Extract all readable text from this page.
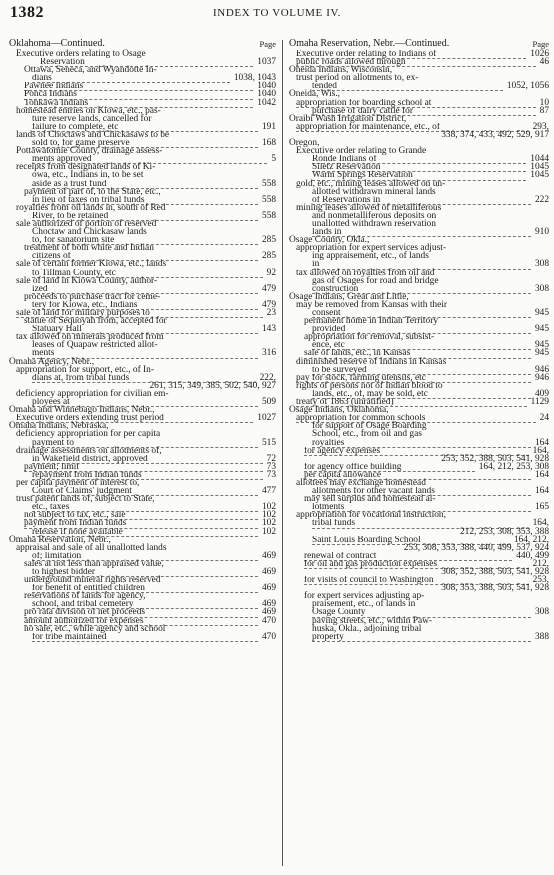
1382	INDEX TO VOLUME IV.
Oklahoma—Continued.	Page
Executive orders relating to Osage
Reservation	1037
Ottawa, Seneca, and Wyandotte In-
dians	1038, 1043
Pawnee Indians	1040
Ponca Indians	1040
Tonkawa Indians	1042
homestead entries on Kiowa, etc., pas-
ture reserve lands, cancelled for
failure to complete, etc	191
lands of Choctaws and Chickasaws to be
sold to, for game preserve	168
Pottawatomie County, drainage assess-
ments approved	5
receipts from designated lands of Ki-
owa, etc., Indians in, to be set
aside as a trust fund	558
payment of part of, to the State, etc.,
in lieu of taxes on tribal funds	558
royalties from oil lands in, south of Red
River, to be retained	558
sale authorized of portion of reserved
Choctaw and Chickasaw lands
to, for sanatorium site	285
treatment of both white and Indian
citizens of	285
sale of certain former Kiowa, etc., lands
to Tillman County, etc	92
sale of land in Kiowa County, author-
ized	479
proceeds to purchase tract for ceme-
tery for Kiowa, etc., Indians	479
sale of land for military purposes to	23
statue of Sequoyah from, accepted for
Statuary Hall	143
tax allowed on minerals produced from
leases of Quapaw restricted allot-
ments	316
Omaha Agency, Nebr.,
appropriation for support, etc., of In-
dians at, from tribal funds	222,
261, 315, 349, 385, 502, 540, 927
deficiency appropriation for civilian em-
ployees at	509
Omaha and Winnebago Indians, Nebr.,
Executive orders extending trust period	1027
Omaha Indians, Nebraska,
deficiency appropriation for per capita
payment to	515
drainage assessments on allotments of,
in Wakefield district, approved	72
payment; limit	73
repayment from Indian funds	73
per capita payment of interest to,
Court of Claims' judgment	477
trust patent lands of, subject to State,
etc., taxes	102
not subject to tax, etc., sale	102
payment from Indian funds	102
release if none available	102
Omaha Reservation, Nebr.,
appraisal and sale of all unallotted lands
of; limitation	469
sales at not less than appraised value,
to highest bidder	469
underground mineral rights reserved
for benefit of entitled children	469
reservations of lands for agency,
school, and tribal cemetery	469
pro rata division of net proceeds	469
amount authorized for expenses	470
no sale, etc., while agency and school
for tribe maintained	470
Omaha Reservation, Nebr.—Continued.	Page
Executive order relating to Indians of	1026
public roads allowed through	46
Oneida Indians, Wisconsin,
trust period on allotments to, ex-
tended	1052, 1056
Oneida, Wis.,
appropriation for boarding school at	10
purchase of dairy cattle for	87
Oraibi Wash Irrigation District,
appropriation for maintenance, etc., of	293,
338, 374, 433, 492, 529, 917
Oregon,
Executive order relating to Grande
Ronde Indians of	1044
Siletz Reservation	1045
Warm Springs Reservation	1045
gold, etc., mining leases allowed on un-
allotted withdrawn mineral lands
of Reservations in	222
mining leases allowed of metalliferous
and nonmetalliferous deposits on
unallotted withdrawn reservation
lands in	910
Osage County, Okla.,
appropriation for expert services adjust-
ing appraisement, etc., of lands
in	308
tax allowed on royalties from oil and
gas of Osages for road and bridge
construction	308
Osage Indians, Great and Little,
may be removed from Kansas with their
consent	945
permanent home in Indian Territory
provided	945
appropriation for removal, subsist-
ence, etc	945
sale of lands, etc., in Kansas	945
diminished reserve of Indians in Kansas
to be surveyed	946
pay for stock, farming utensils, etc	946
rights of persons not of Indian blood to
lands, etc., of, may be sold, etc	409
treaty of 1863 (unratified)	1129
Osage Indians, Oklahoma,
appropriation for common schools	24
for support of Osage Boarding
School, etc., from oil and gas
royalties	164
for agency expenses	164,
253, 352, 388, 503, 541, 928
for agency office building	164, 212, 253, 308
per capita allowance	164
allottees may exchange homestead
allotments for other vacant lands	164
may sell surplus and homestead al-
lotments	165
appropriation for vocational instruction,
tribal funds	164,
212, 253, 308, 353, 388
Saint Louis Boarding School	164, 212,
253, 308, 353, 388, 440, 499, 537, 924
renewal of contract	440, 499
for oil and gas production expenses	212,
308, 352, 388, 503, 541, 928
for visits of council to Washington	253,
308, 353, 388, 503, 541, 928
for expert services adjusting ap-
praisement, etc., of lands in
Osage County	308
paving streets, etc., within Paw-
huska, Okla., adjoining tribal
property	388
